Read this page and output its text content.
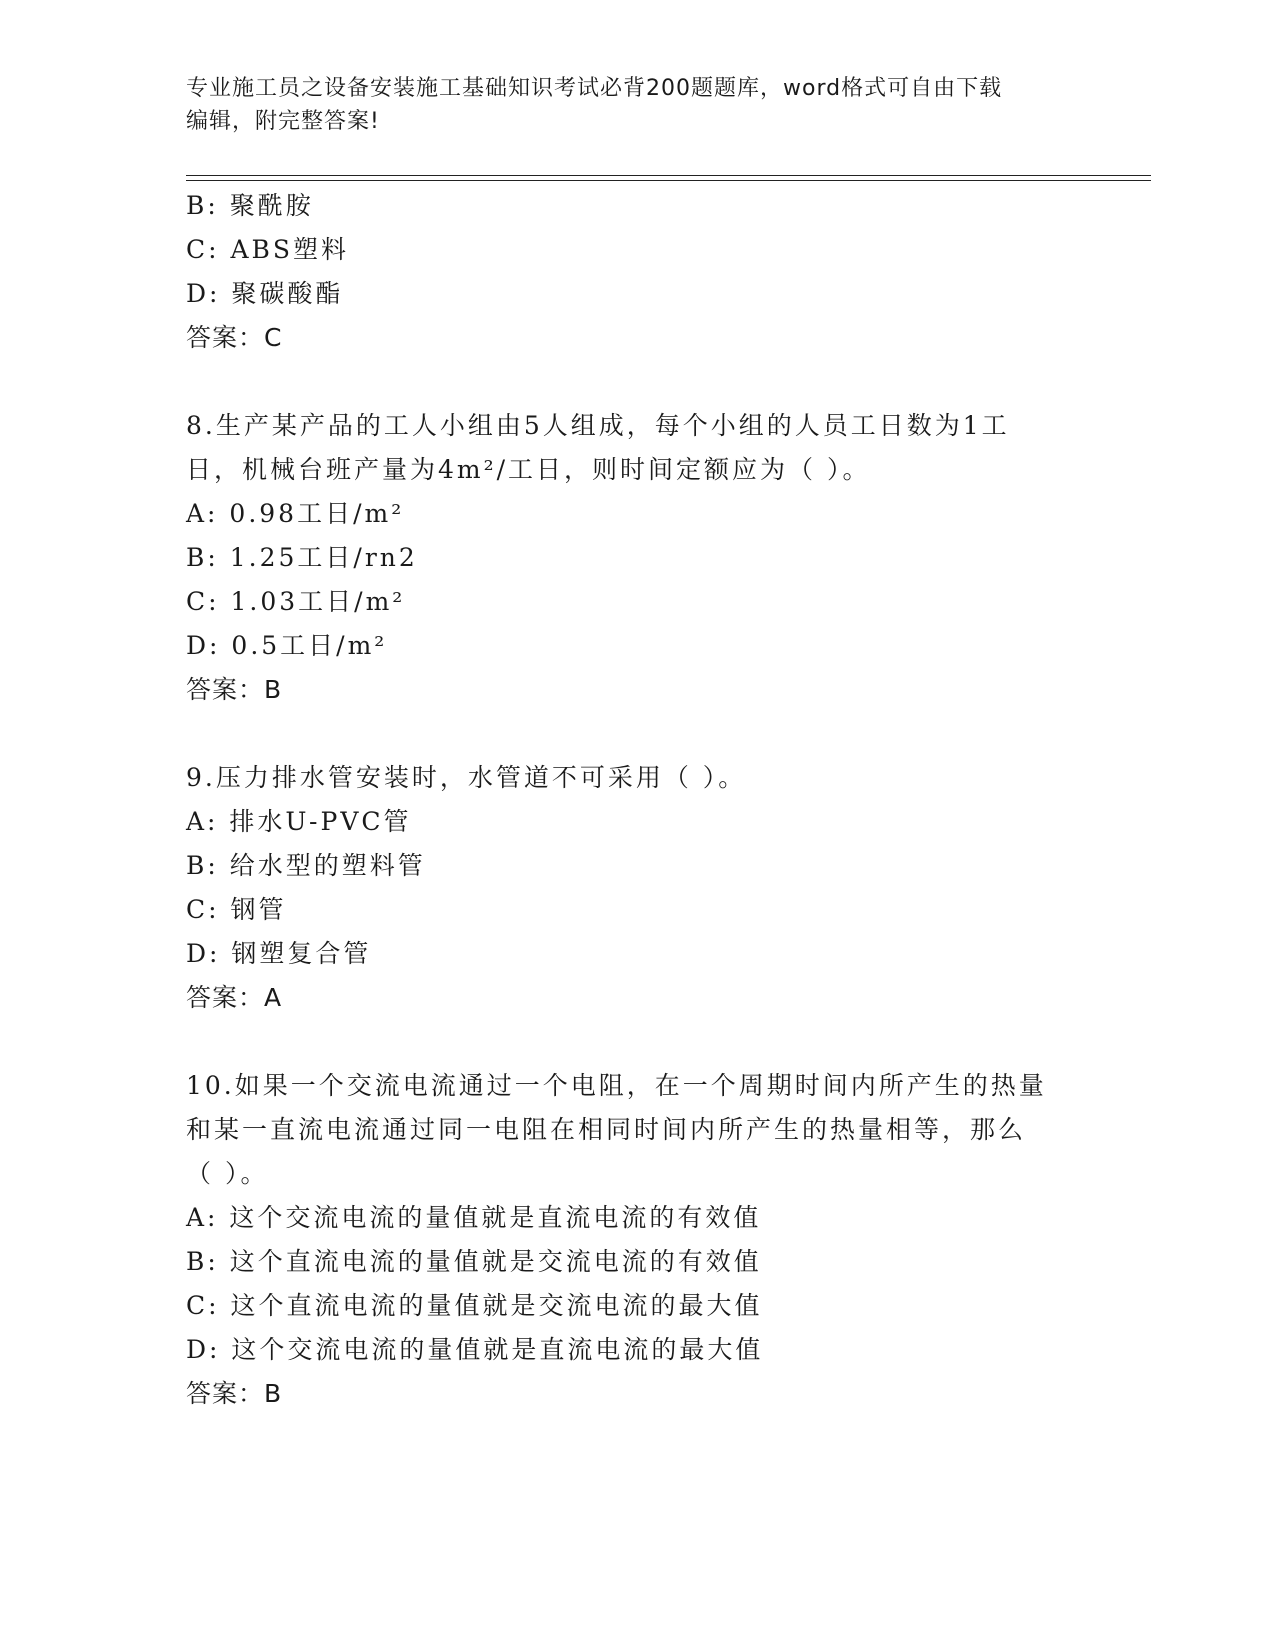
专业施工员之设备安装施工基础知识考试必背200题题库，word格式可自由下载
编辑，附完整答案!
B: 聚酰胺
C: ABS塑料
D: 聚碳酸酯
答案：C
8.生产某产品的工人小组由5人组成，每个小组的人员工日数为1工
日，机械台班产量为4m²/工日，则时间定额应为（ ）。
A: 0.98工日/m²
B: 1.25工日/rn2
C: 1.03工日/m²
D: 0.5工日/m²
答案：B
9.压力排水管安装时，水管道不可采用（ ）。
A: 排水U-PVC管
B: 给水型的塑料管
C: 钢管
D: 钢塑复合管
答案：A
10.如果一个交流电流通过一个电阻，在一个周期时间内所产生的热量
和某一直流电流通过同一电阻在相同时间内所产生的热量相等，那么
（ ）。
A: 这个交流电流的量值就是直流电流的有效值
B: 这个直流电流的量值就是交流电流的有效值
C: 这个直流电流的量值就是交流电流的最大值
D: 这个交流电流的量值就是直流电流的最大值
答案：B
